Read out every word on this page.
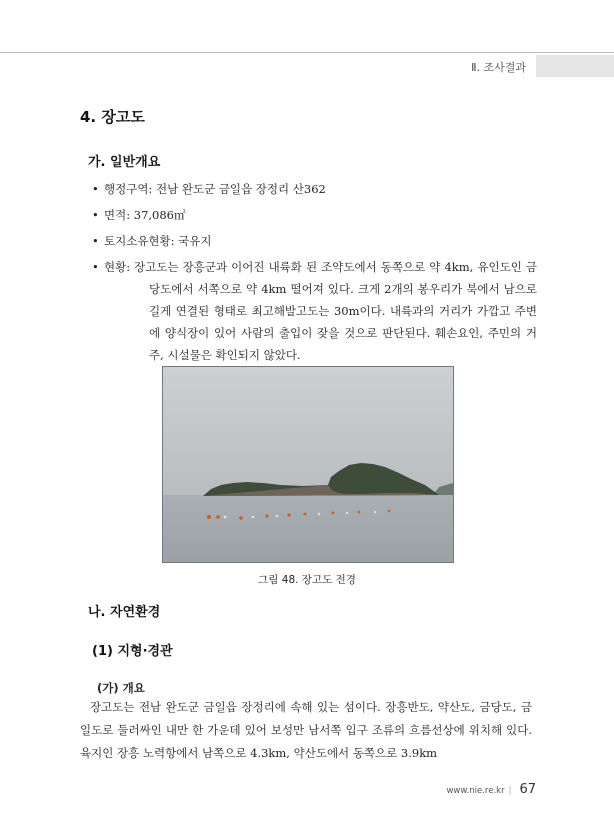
Ⅱ. 조사결과
4. 장고도
가. 일반개요
• 행정구역: 전남 완도군 금일읍 장정리 산362
• 면적: 37,086㎡
• 토지소유현황: 국유지
• 현황: 장고도는 장흥군과 이어진 내륙화 된 조약도에서 동쪽으로 약 4km, 유인도인 금당도에서 서쪽으로 약 4km 떨어져 있다. 크게 2개의 봉우리가 북에서 남으로 길게 연결된 형태로 최고해발고도는 30m이다. 내륙과의 거리가 가깝고 주변에 양식장이 있어 사람의 출입이 잦을 것으로 판단된다. 훼손요인, 주민의 거주, 시설물은 확인되지 않았다.
그림 48. 장고도 전경
나. 자연환경
(1) 지형·경관
(가) 개요
장고도는 전남 완도군 금일읍 장정리에 속해 있는 섬이다. 장흥반도, 약산도, 금당도, 금일도로 둘러싸인 내만 한 가운데 있어 보성만 남서쪽 입구 조류의 흐름선상에 위치해 있다. 육지인 장흥 노력항에서 남쪽으로 4.3km, 약산도에서 동쪽으로 3.9km
www.nie.re.kr | 67
